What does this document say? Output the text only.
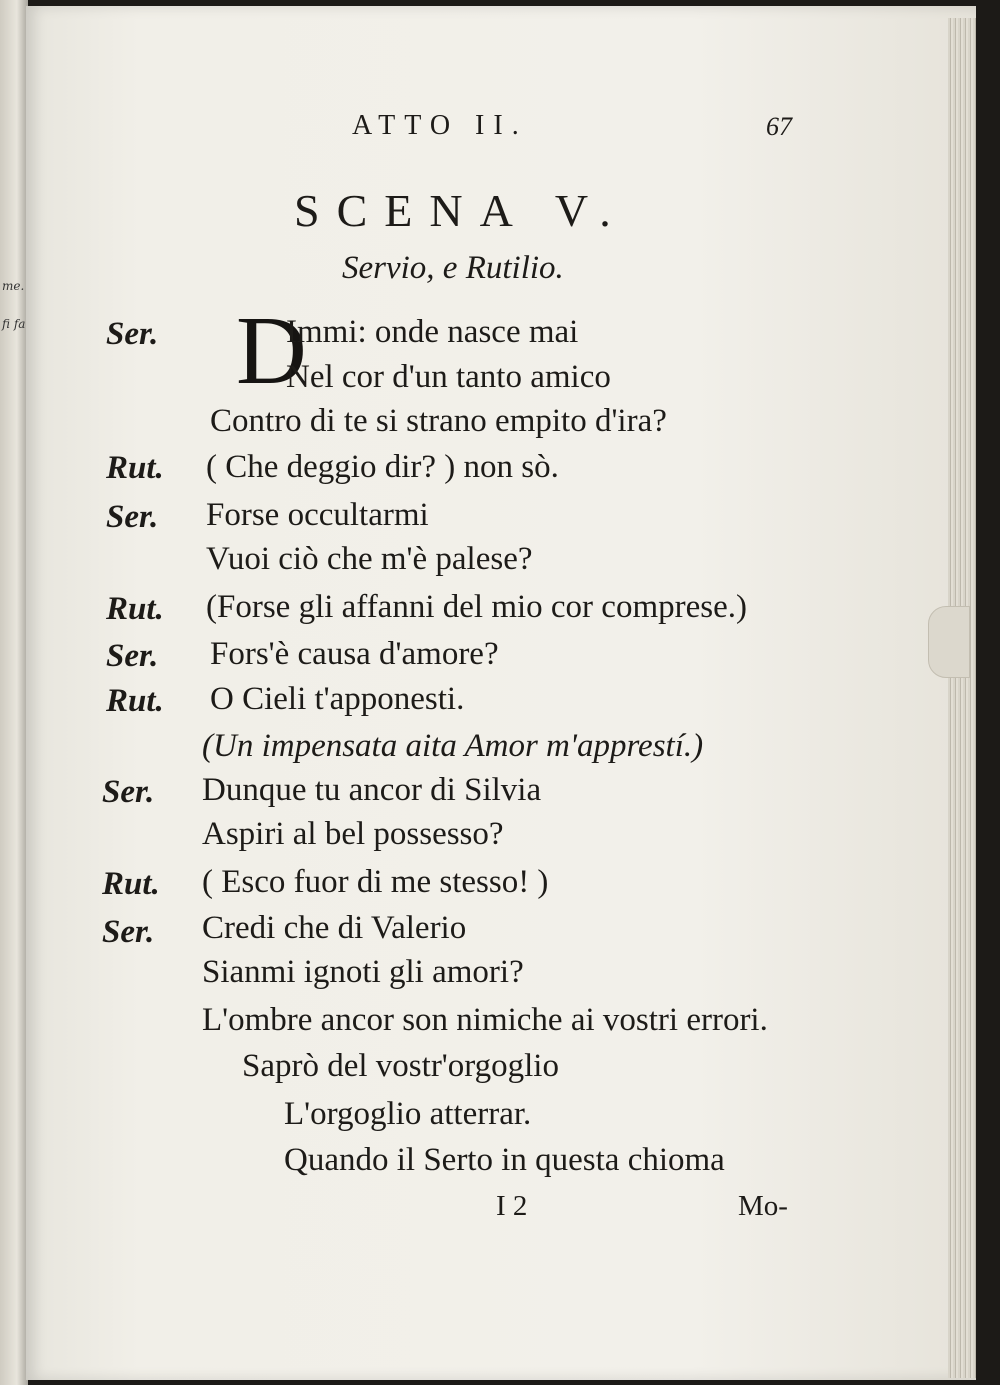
me.
fi fa
ATTO II.	67
SCENA V.
Servio, e Rutilio.
D
Ser.	Immi: onde nasce mai
Nel cor d'un tanto amico
Contro di te si strano empito d'ira?
Rut. ( Che deggio dir? ) non sò.
Ser. Forse occultarmi
Vuoi ciò che m'è palese?
Rut. (Forse gli affanni del mio cor comprese.)
Ser. Fors'è causa d'amore?
Rut. O Cieli t'apponesti.
(Un impensata aita Amor m'apprestí.)
Ser. Dunque tu ancor di Silvia
Aspiri al bel possesso?
Rut. ( Esco fuor di me stesso! )
Ser. Credi che di Valerio
Sianmi ignoti gli amori?
L'ombre ancor son nimiche ai vostri errori.
Saprò del vostr'orgoglio
L'orgoglio atterrar.
Quando il Serto in questa chioma
I 2	Mo-
